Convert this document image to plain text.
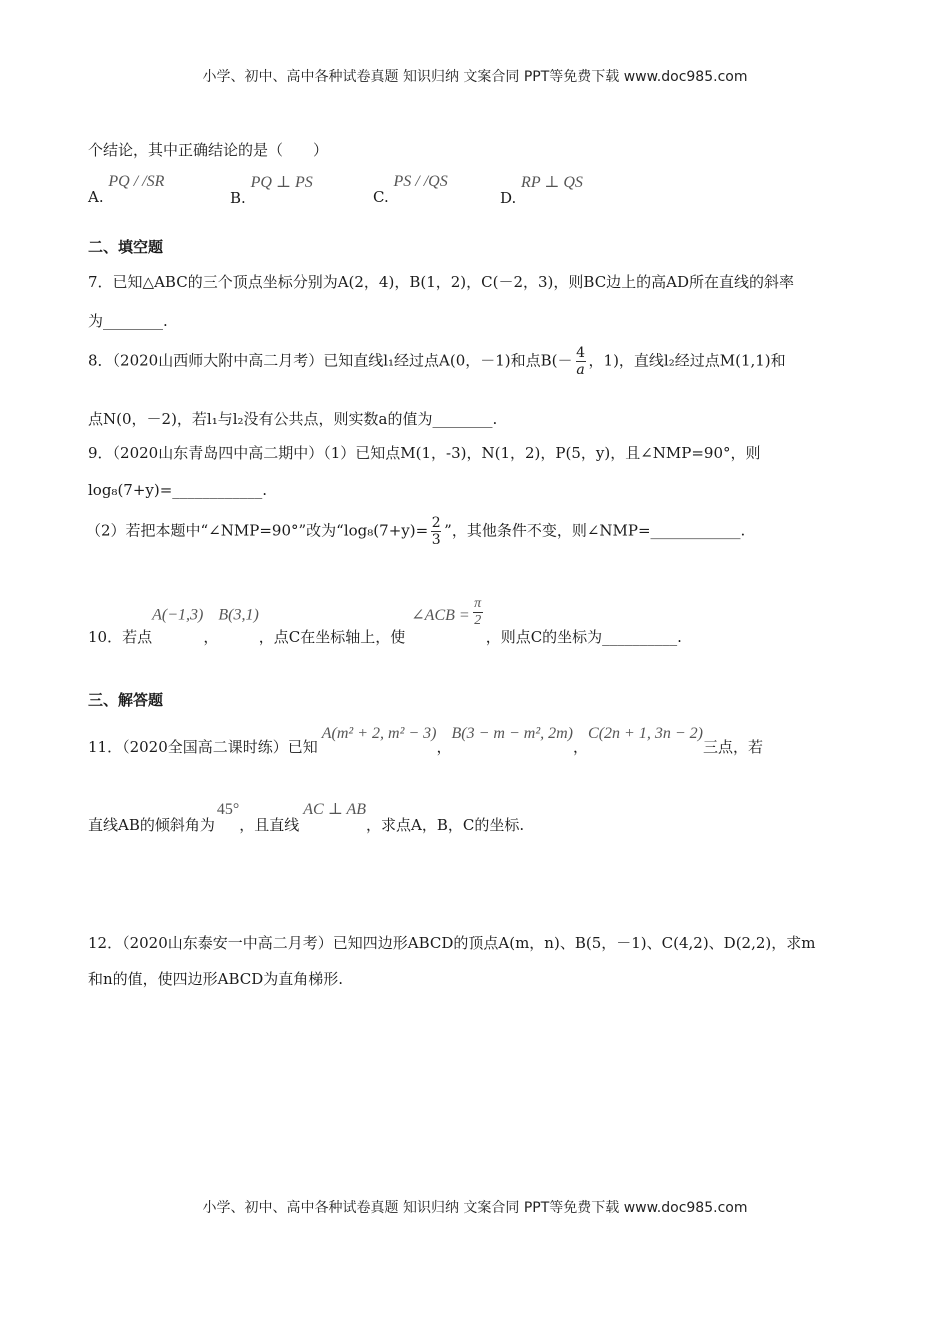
小学、初中、高中各种试卷真题 知识归纳 文案合同 PPT等免费下载 www.doc985.com
个结论，其中正确结论的是（　　）
A. PQ / /SR
B. PQ ⊥ PS
C. PS / /QS
D. RP ⊥ QS
二、填空题
7．已知△ABC的三个顶点坐标分别为A(2，4)，B(1，2)，C(－2，3)，则BC边上的高AD所在直线的斜率
为________.
8．（2020山西师大附中高二月考）已知直线l₁经过点A(0，－1)和点$B(- \frac{4}{a}$ ，1)，直线l₂经过点M(1,1)和
点N(0，－2)，若l₁与l₂没有公共点，则实数a的值为________.
9．（2020山东青岛四中高二期中）（1）已知点M(1，-3)，N(1，2)，P(5，y)，且∠NMP=90°，则
log₈(7+y)=____________.
（2）若把本题中“∠NMP=90°”改为“$\log_8(7+y)= \frac{2}{3}$ ”，其他条件不变，则∠NMP=____________.
10．若点A(−1,3)，B(3,1)，点C在坐标轴上，使∠ACB = $\frac{\pi}{2}$
，则点C的坐标为__________.
三、解答题
11．（2020全国高二课时练）已知A(m² + 2, m² − 3)，B(3 − m − m², 2m)，C(2n + 1, 3n − 2)三点，若
直线AB的倾斜角为45°，且直线AC ⊥ AB，求点A，B，C的坐标.
12．（2020山东泰安一中高二月考）已知四边形ABCD的顶点A(m，n)、B(5，－1)、C(4,2)、D(2,2)，求m
和n的值，使四边形ABCD为直角梯形.
小学、初中、高中各种试卷真题 知识归纳 文案合同 PPT等免费下载 www.doc985.com
